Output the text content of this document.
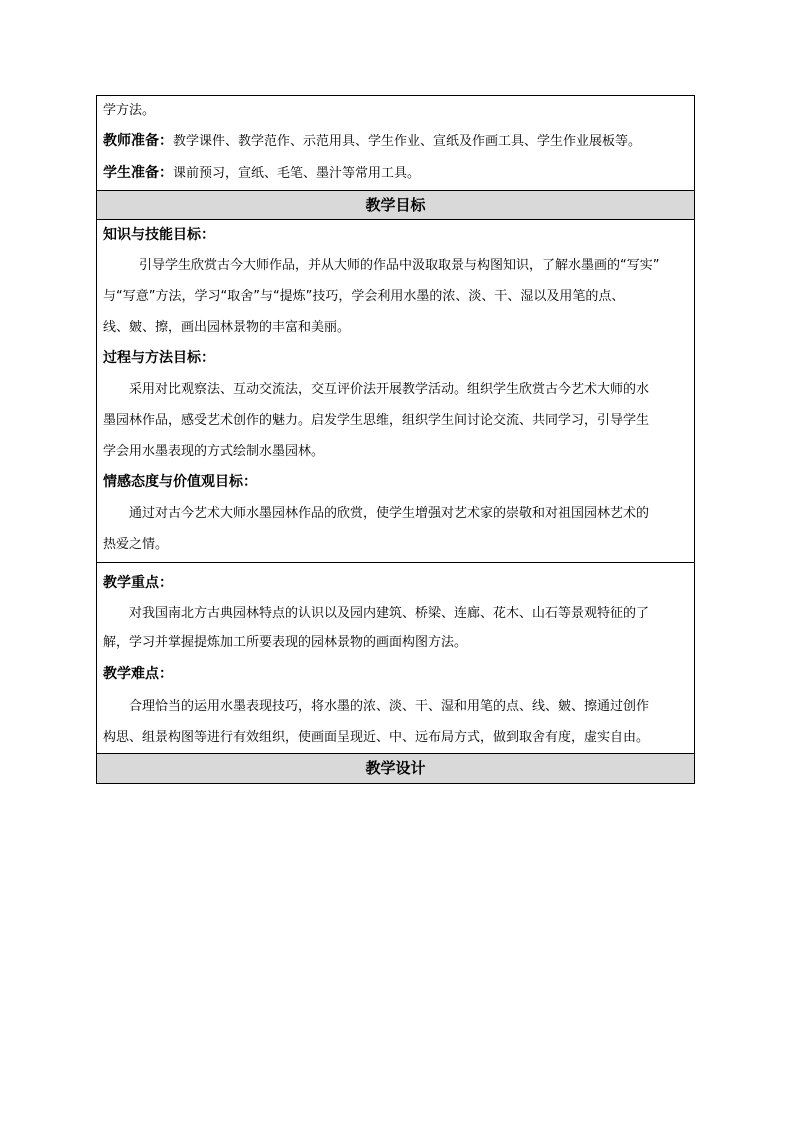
学方法。

教师准备：教学课件、教学范作、示范用具、学生作业、宣纸及作画工具、学生作业展板等。

学生准备：课前预习，宣纸、毛笔、墨汁等常用工具。

教学目标

知识与技能目标：

引导学生欣赏古今大师作品，并从大师的作品中汲取取景与构图知识，了解水墨画的“写实”

与“写意”方法，学习“取舍”与“提炼”技巧，学会利用水墨的浓、淡、干、湿以及用笔的点、

线、皴、擦，画出园林景物的丰富和美丽。

过程与方法目标：

采用对比观察法、互动交流法，交互评价法开展教学活动。组织学生欣赏古今艺术大师的水

墨园林作品，感受艺术创作的魅力。启发学生思维，组织学生间讨论交流、共同学习，引导学生

学会用水墨表现的方式绘制水墨园林。

情感态度与价值观目标：

通过对古今艺术大师水墨园林作品的欣赏，使学生增强对艺术家的崇敬和对祖国园林艺术的

热爱之情。

教学重点：

对我国南北方古典园林特点的认识以及园内建筑、桥梁、连廊、花木、山石等景观特征的了

解，学习并掌握提炼加工所要表现的园林景物的画面构图方法。

教学难点：

合理恰当的运用水墨表现技巧，将水墨的浓、淡、干、湿和用笔的点、线、皴、擦通过创作

构思、组景构图等进行有效组织，使画面呈现近、中、远布局方式，做到取舍有度，虚实自由。

教学设计
